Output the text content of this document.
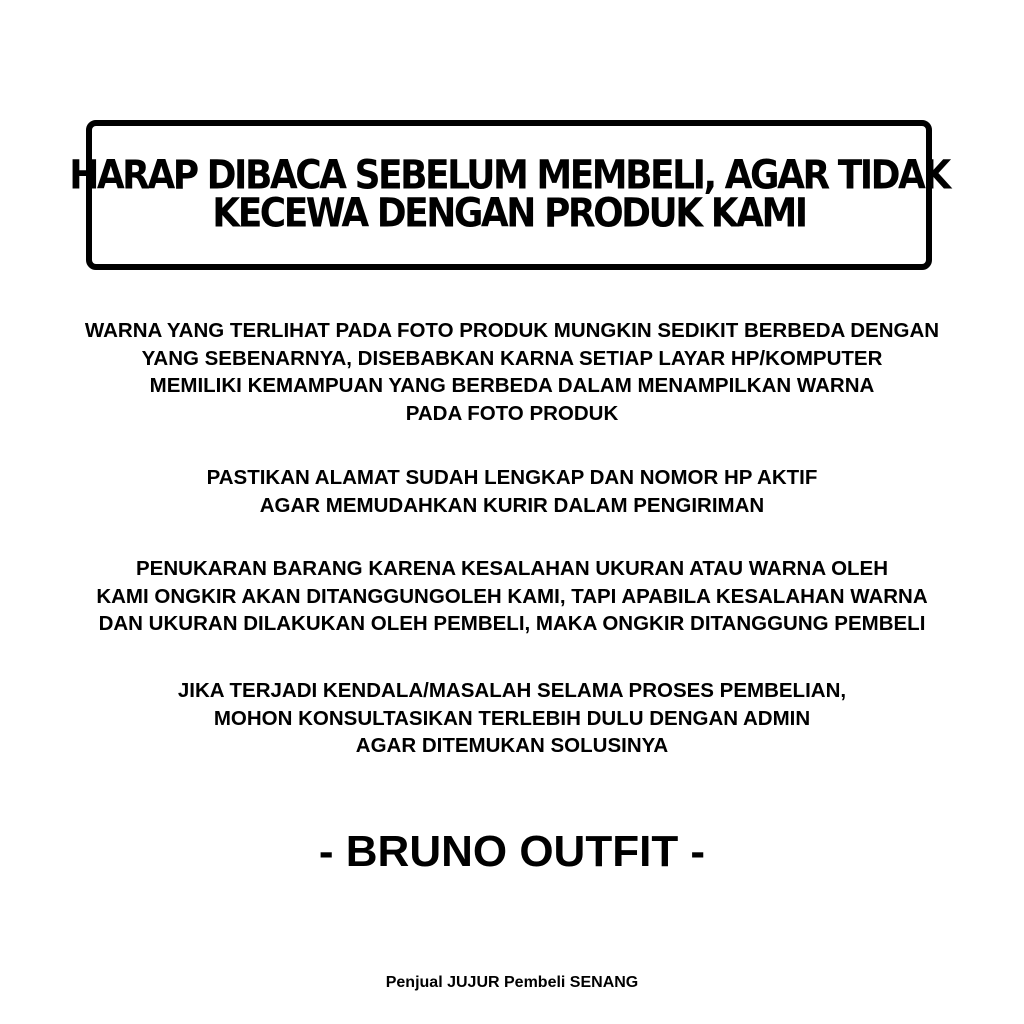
HARAP DIBACA SEBELUM MEMBELI, AGAR TIDAK
KECEWA DENGAN PRODUK KAMI
WARNA YANG TERLIHAT PADA FOTO PRODUK MUNGKIN SEDIKIT BERBEDA DENGAN
YANG SEBENARNYA, DISEBABKAN KARNA SETIAP LAYAR HP/KOMPUTER
MEMILIKI KEMAMPUAN YANG BERBEDA DALAM MENAMPILKAN WARNA
PADA FOTO PRODUK
PASTIKAN ALAMAT SUDAH LENGKAP DAN NOMOR HP AKTIF
AGAR MEMUDAHKAN KURIR DALAM PENGIRIMAN
PENUKARAN BARANG KARENA KESALAHAN UKURAN ATAU WARNA OLEH
KAMI ONGKIR AKAN DITANGGUNGOLEH KAMI, TAPI APABILA KESALAHAN WARNA
DAN UKURAN DILAKUKAN OLEH PEMBELI, MAKA ONGKIR DITANGGUNG PEMBELI
JIKA TERJADI KENDALA/MASALAH SELAMA PROSES PEMBELIAN,
MOHON KONSULTASIKAN TERLEBIH DULU DENGAN ADMIN
AGAR DITEMUKAN SOLUSINYA
- BRUNO OUTFIT -
Penjual JUJUR Pembeli SENANG
